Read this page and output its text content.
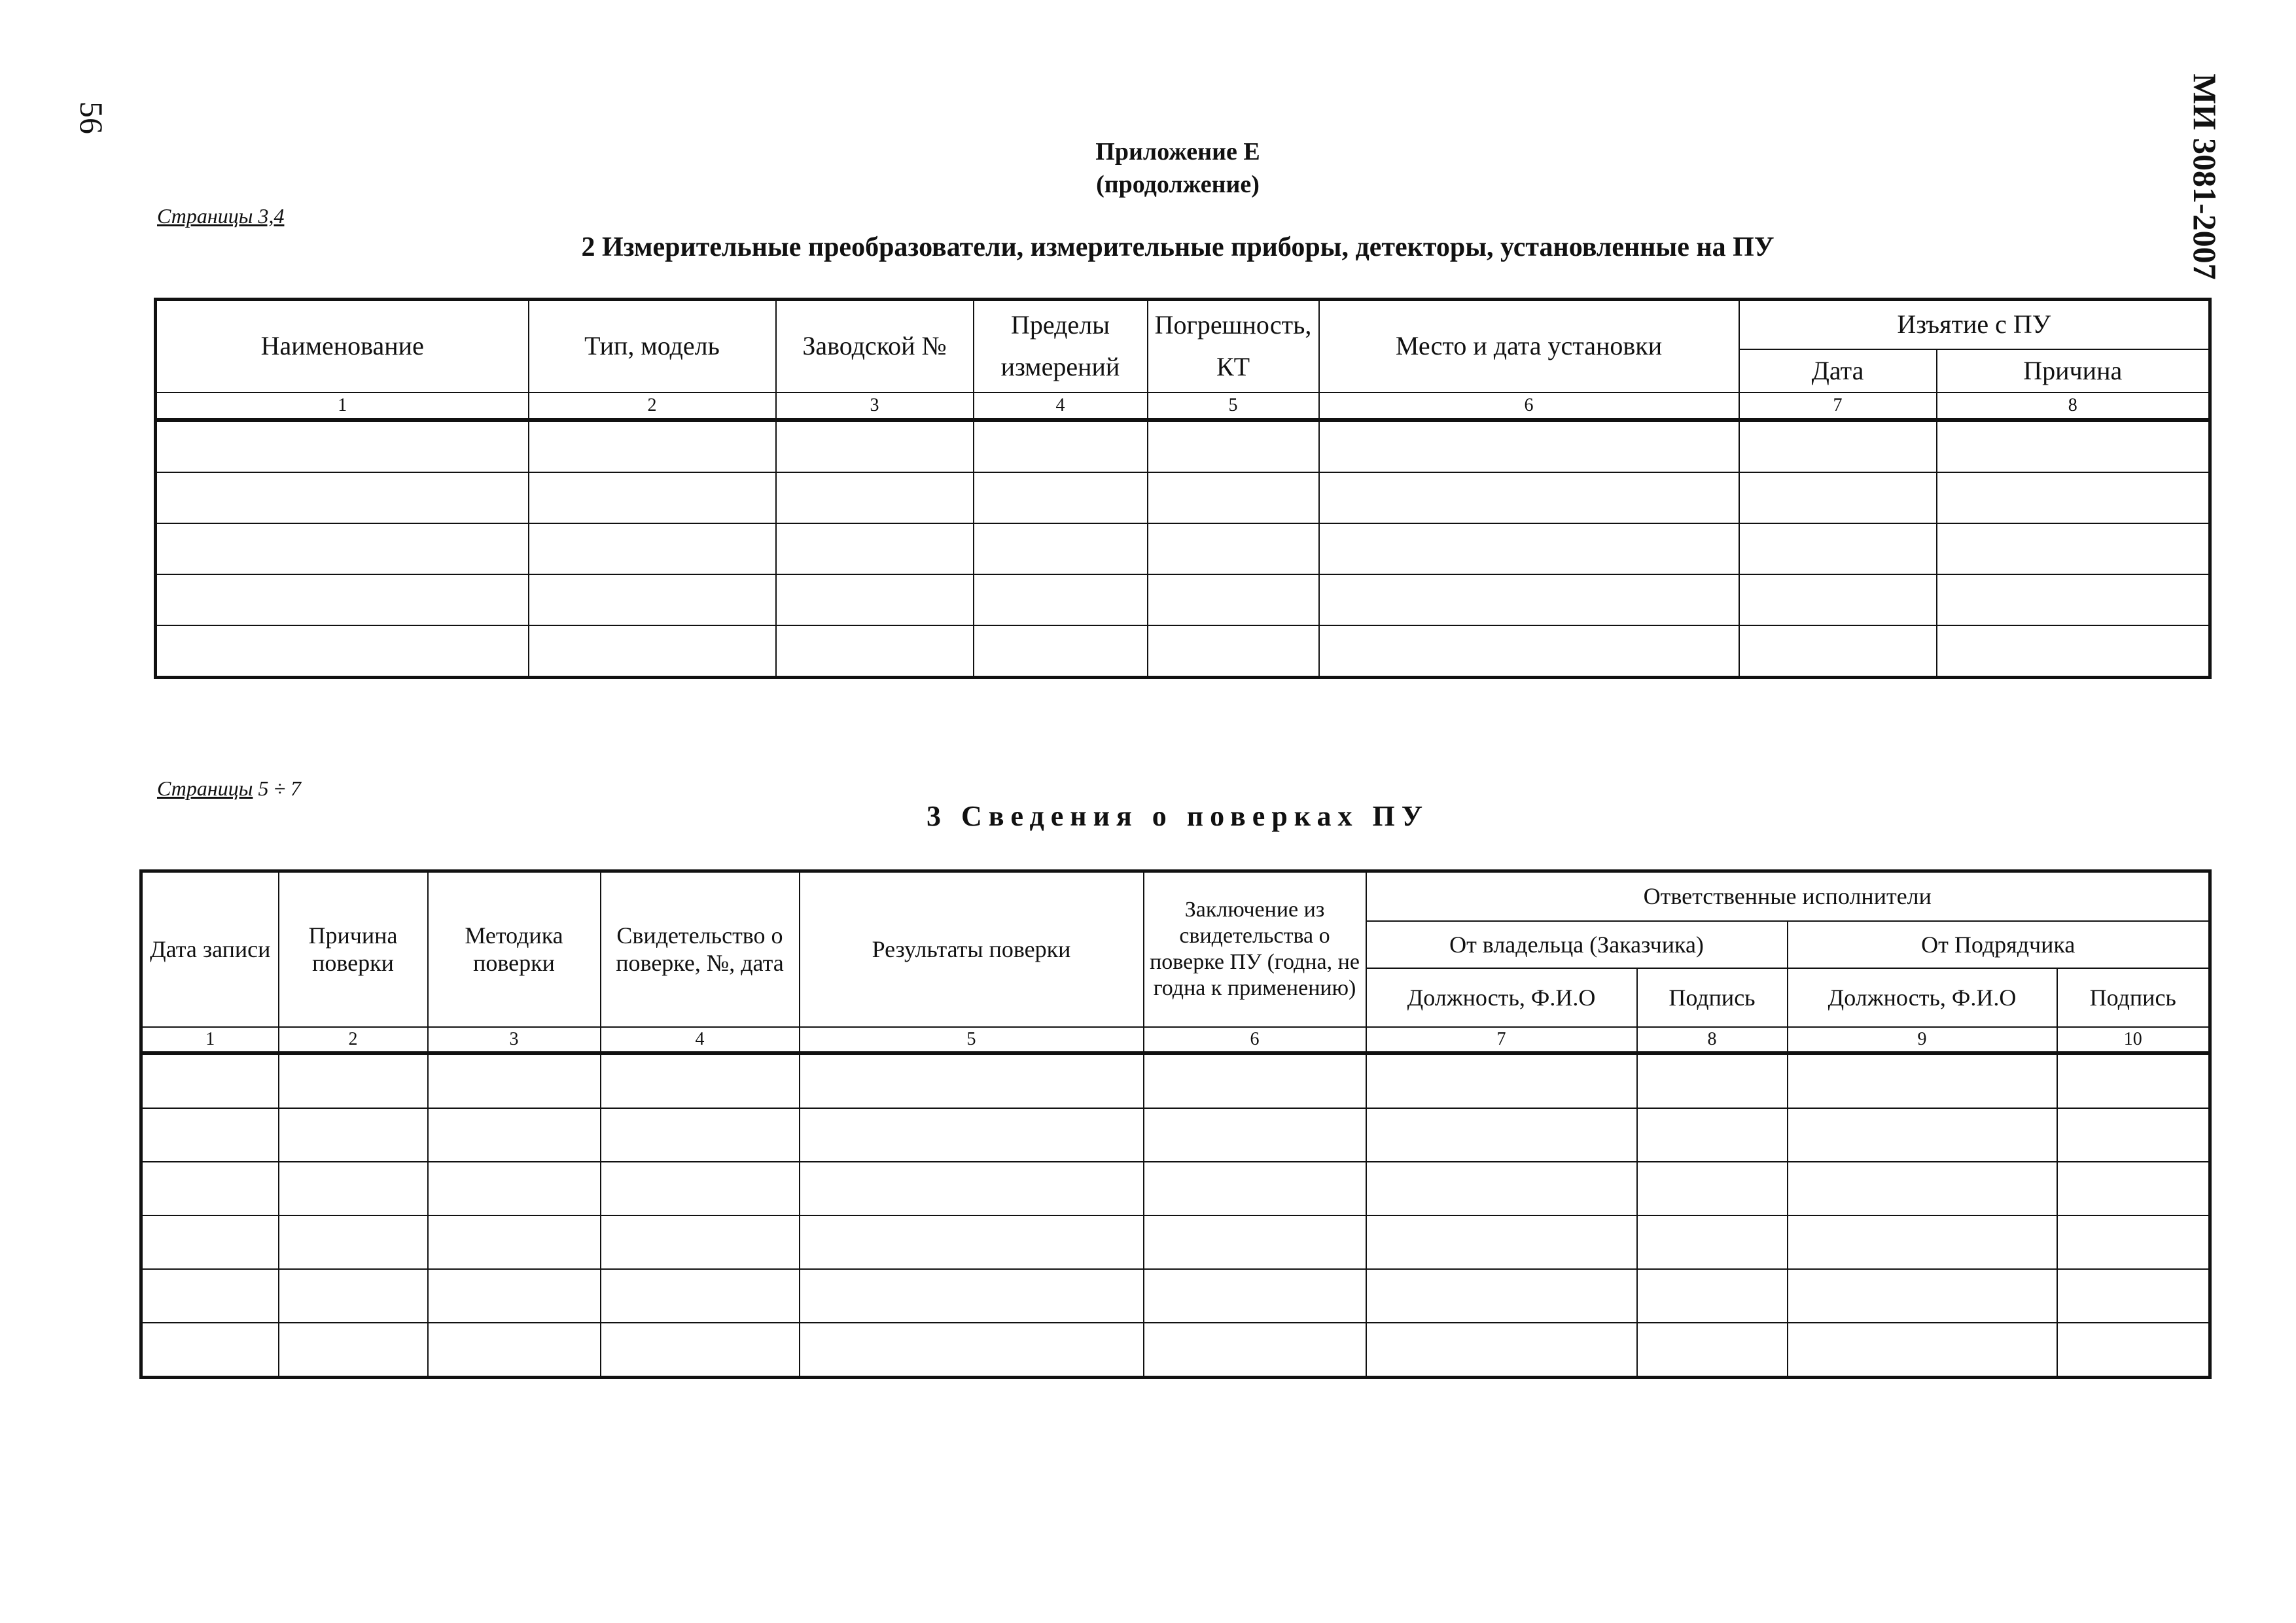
56	МИ 3081-2007
Приложение Е
(продолжение)
Страницы 3,4
2 Измерительные преобразователи, измерительные приборы, детекторы, установленные на ПУ
Наименование	Тип, модель	Заводской №	Пределы измерений	Погрешность, КТ	Место и дата установки	Изъятие с ПУ	
						Дата	Причина
1	2	3	4	5	6	7	8

Страницы 5 ÷ 7
3 Сведения о поверках ПУ
Дата записи	Причина поверки	Методика поверки	Свидетельство о поверке, №, дата	Результаты поверки	Заключение из свидетельства о поверке ПУ (годна, не годна к применению)	Ответственные исполнители			
						От владельца (Заказчика)		От Подрядчика	
						Должность, Ф.И.О	Подпись	Должность, Ф.И.О	Подпись
1	2	3	4	5	6	7	8	9	10
